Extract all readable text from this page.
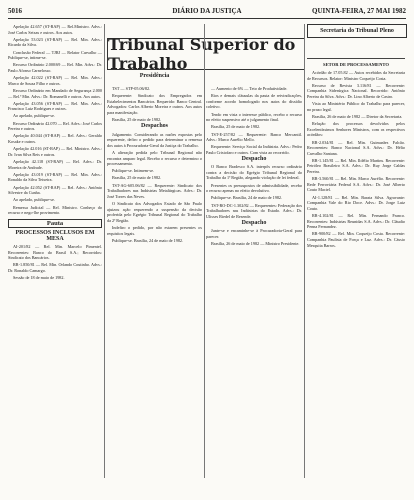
5016	DIÁRIO DA JUSTIÇA	QUINTA-FEIRA, 27 MAI 1982
Tribunal Superior do Trabalho
Secretaria do Tribunal Pleno

Apelação 42.657 (ST-RAP) — Rel.Ministro. Advs.: José Carlos Seixas e outros. Aos autos.

Apelação 53.023 (ST-RAP) — Rel. Min. Advs.: Ricardo da Silva.

Conclusão Federal — TJRJ — Relator Carvalho — Publique-se, intime-se.

Recurso Ordinário 2.000/69 — Rel. Min. Advs.: Dr. Paulo Afonso Carnelosso.

Apelação 42.022 (ST-RAP) — Rel. Min. Advs.: Marco de Souza Filho e outros.

Recurso Ordinário em Mandado de Segurança 2.000 — Rel.ª Min. Advs.: Dr. Romanelli e outros. Aos autos.

Apelação 43.056 (ST-RAP) — Rel. Min. Advs.: Francisco Luiz Rodrigues e outros.

Ao apelado, publique-se.

Recurso Ordinário 42.070 — Rel. Advs.: José Carlos Pereira e outros.

Apelação 40.044 (ST-RAP) — Rel. Advs.: Geraldo Kosake e outros.

Apelação 42.016 (ST-RAP) — Rel. Ministro. Advs.: Dr. Ivan Silva Reis e outros.

Apelação 42.118 (ST-RAP) — Rel. Advs.: Dr. Moreira de Andrade.

Apelação 43.019 (ST-RAP) — Rel. Min. Advs.: Ronaldo da Silva Teixeira.

Apelação 42.052 (ST-RAP) — Rel. Advs.: Antônio Silvestre da Cunha.

Ao apelado, publique-se.

Remessa Judicial — Rel. Ministro. Conheço do recurso e nego-lhe provimento.

Pauta

PROCESSOS INCLUSOS EM MESA

AI-201/82 — Rel. Min. Marcelo Pimentel. Recorrentes: Banco do Brasil S.A.; Recorridos: Sindicato dos Bancários.

RR-1.850/81 — Rel. Min. Orlando Coutinho. Advs.: Dr. Ronaldo Camargo.

Sessão de 18 de maio de 1982.

Presidência

TST — STP-05.06/82.

Requerente: Sindicato dos Empregados em Estabelecimentos Bancários. Requerido: Banco Central. Advogados: Carlos Alberto Moreira e outros. Aos autos para manifestação.

Brasília, 25 de maio de 1982.

Despachos

Julgamento. Considerando as razões expostas pelo requerente, defiro o pedido para determinar a remessa dos autos à Procuradoria-Geral da Justiça do Trabalho.

A alteração pedida pelo Tribunal Regional não encontra amparo legal. Recebo o recurso e determino o processamento.

Publique-se. Intimem-se.

Brasília, 25 de maio de 1982.

TST-AG-605.06/82 — Requerente: Sindicato dos Trabalhadores nas Indústrias Metalúrgicas. Advs.: Dr. José Torres das Neves.

O Sindicato dos Advogados Estado de São Paulo ajuizou ação requerendo a suspensão da decisão proferida pelo Egrégio Tribunal Regional do Trabalho da 2ª Região.

Indefiro o pedido, por não estarem presentes os requisitos legais.

Publique-se. Brasília, 24 de maio de 1982.

— Aumento de 6% — Teto de Produtividade.

Rios e demais cláusulas da pauta de reivindicações, conforme acordo homologado nos autos do dissídio coletivo.

Tendo em vista o interesse público, recebo o recurso no efeito suspensivo até o julgamento final.

Brasília, 25 de maio de 1982.

TST-E-257/82 — Requerente: Banco Mercantil. Advs.: Marco Aurélio Mello.

Requerente: Serviço Social da Indústria. Advs.: Pedro Paulo Cristofaro e outros. Com vista ao recorrido.

Despacho

O Banco Bradesco S.A. interpôs recurso ordinário contra a decisão do Egrégio Tribunal Regional do Trabalho da 1ª Região, alegando violação de lei federal.

Presentes os pressupostos de admissibilidade, recebo o recurso apenas no efeito devolutivo.

Publique-se. Brasília, 24 de maio de 1982.

TST-RO-DC-1.302/82 — Requerentes: Federação dos Trabalhadores nas Indústrias do Estado. Advs.: Dr. Ulisses Riedel de Resende.

Despacho

Junte-se e encaminhe-se à Procuradoria-Geral para parecer.

Brasília, 26 de maio de 1982 — Ministro Presidente.

SETOR DE PROCESSAMENTO

Acórdão de 17.05.82 — Autos recebidos da Secretaria de Recursos. Relator: Ministro Coqueijo Costa.

Recurso de Revista 3.116/81 — Recorrente: Companhia Siderúrgica Nacional. Recorrido: Antônio Pereira da Silva. Advs.: Dr. Lino Alberto de Castro.

Vista ao Ministério Público do Trabalho para parecer, no prazo legal.

Brasília, 26 de maio de 1982 — Diretor da Secretaria.

Relação dos processos devolvidos pelos Excelentíssimos Senhores Ministros, com os respectivos acórdãos:

RR-2.034/81 — Rel. Min. Guimarães Falcão. Recorrentes: Banco Nacional S.A. Advs.: Dr. Hélio Carvalho Santana.

RR-1.145/81 — Rel. Min. Ildélio Martins. Recorrente: Petróleo Brasileiro S.A. Advs.: Dr. Ruy Jorge Caldas Pereira.

RR-3.560/81 — Rel. Min. Marco Aurélio. Recorrente: Rede Ferroviária Federal S.A. Advs.: Dr. José Alberto Couto Maciel.

AI-1.128/81 — Rel. Min. Barata Silva. Agravante: Companhia Vale do Rio Doce. Advs.: Dr. Jorge Luiz Couto.

RR-4.102/81 — Rel. Min. Fernando Franco. Recorrentes: Indústrias Reunidas S.A. Advs.: Dr. Cláudio Penna Fernandez.

RR-900/82 — Rel. Min. Coqueijo Costa. Recorrente: Companhia Paulista de Força e Luz. Advs.: Dr. Cássio Mesquita Barros.
